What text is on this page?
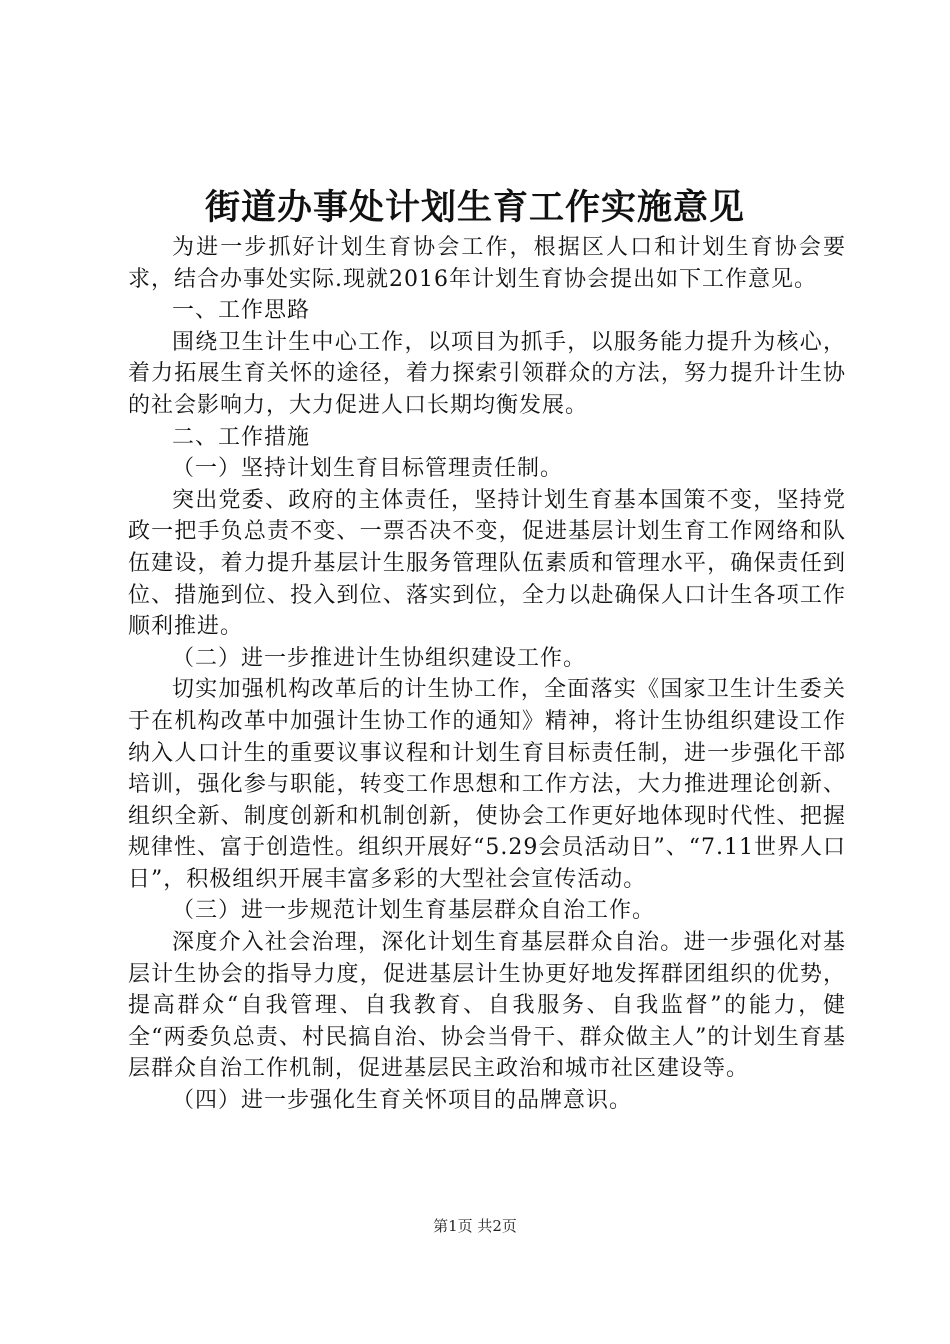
街道办事处计划生育工作实施意见

为进一步抓好计划生育协会工作，根据区人口和计划生育协会要求，结合办事处实际.现就2016年计划生育协会提出如下工作意见。

一、工作思路

围绕卫生计生中心工作，以项目为抓手，以服务能力提升为核心，着力拓展生育关怀的途径，着力探索引领群众的方法，努力提升计生协的社会影响力，大力促进人口长期均衡发展。

二、工作措施

（一）坚持计划生育目标管理责任制。

突出党委、政府的主体责任，坚持计划生育基本国策不变，坚持党政一把手负总责不变、一票否决不变，促进基层计划生育工作网络和队伍建设，着力提升基层计生服务管理队伍素质和管理水平，确保责任到位、措施到位、投入到位、落实到位，全力以赴确保人口计生各项工作顺利推进。

（二）进一步推进计生协组织建设工作。

切实加强机构改革后的计生协工作，全面落实《国家卫生计生委关于在机构改革中加强计生协工作的通知》精神，将计生协组织建设工作纳入人口计生的重要议事议程和计划生育目标责任制，进一步强化干部培训，强化参与职能，转变工作思想和工作方法，大力推进理论创新、组织全新、制度创新和机制创新，使协会工作更好地体现时代性、把握规律性、富于创造性。组织开展好“5.29会员活动日”、“7.11世界人口日”，积极组织开展丰富多彩的大型社会宣传活动。

（三）进一步规范计划生育基层群众自治工作。

深度介入社会治理，深化计划生育基层群众自治。进一步强化对基层计生协会的指导力度，促进基层计生协更好地发挥群团组织的优势，提高群众“自我管理、自我教育、自我服务、自我监督”的能力，健全“两委负总责、村民搞自治、协会当骨干、群众做主人”的计划生育基层群众自治工作机制，促进基层民主政治和城市社区建设等。

（四）进一步强化生育关怀项目的品牌意识。

第1页 共2页
